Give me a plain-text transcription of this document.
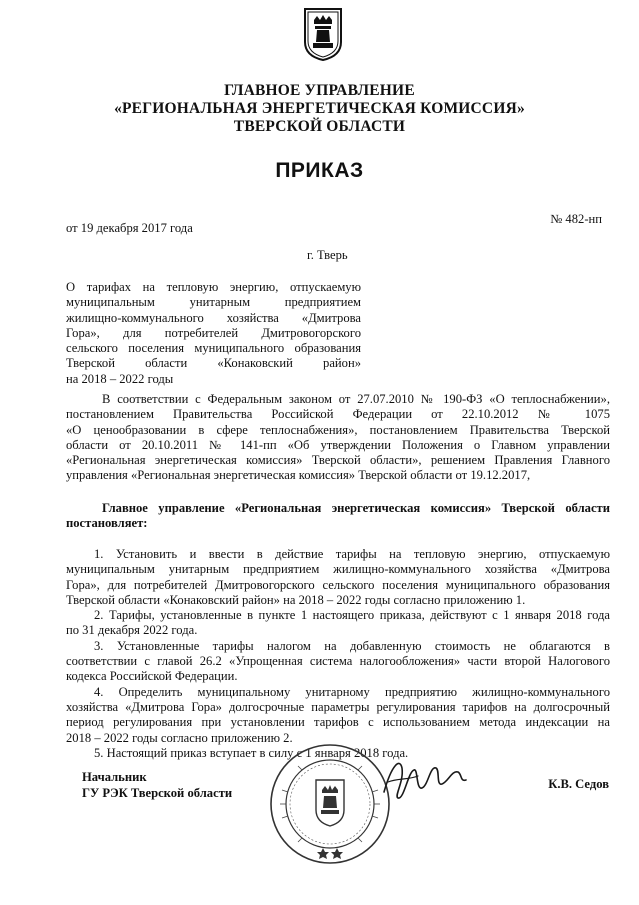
ГЛАВНОЕ УПРАВЛЕНИЕ
«РЕГИОНАЛЬНАЯ ЭНЕРГЕТИЧЕСКАЯ КОМИССИЯ»
ТВЕРСКОЙ ОБЛАСТИ
ПРИКАЗ
от 19 декабря 2017 года
№ 482-нп
г. Тверь
О тарифах на тепловую энергию, отпускаемую
муниципальным унитарным предприятием
жилищно-коммунального хозяйства «Дмитрова
Гора», для потребителей Дмитровогорского
сельского поселения муниципального образования
Тверской области «Конаковский район»
на 2018 – 2022 годы
В соответствии с Федеральным законом от 27.07.2010 № 190-ФЗ «О теплоснабжении»,
постановлением Правительства Российской Федерации от 22.10.2012 № 1075
«О ценообразовании в сфере теплоснабжения», постановлением Правительства Тверской
области от 20.10.2011 № 141-пп «Об утверждении Положения о Главном управлении
«Региональная энергетическая комиссия» Тверской области», решением Правления Главного
управления «Региональная энергетическая комиссия» Тверской области от 19.12.2017,
Главное управление «Региональная энергетическая комиссия» Тверской области
постановляет:
1. Установить и ввести в действие тарифы на тепловую энергию, отпускаемую
муниципальным унитарным предприятием жилищно-коммунального хозяйства «Дмитрова
Гора», для потребителей Дмитровогорского сельского поселения муниципального образования
Тверской области «Конаковский район» на 2018 – 2022 годы согласно приложению 1.
2. Тарифы, установленные в пункте 1 настоящего приказа, действуют с 1 января 2018 года
по 31 декабря 2022 года.
3. Установленные тарифы налогом на добавленную стоимость не облагаются в
соответствии с главой 26.2 «Упрощенная система налогообложения» части второй Налогового
кодекса Российской Федерации.
4. Определить муниципальному унитарному предприятию жилищно-коммунального
хозяйства «Дмитрова Гора» долгосрочные параметры регулирования тарифов на долгосрочный
период регулирования при установлении тарифов с использованием метода индексации на
2018 – 2022 годы согласно приложению 2.
5. Настоящий приказ вступает в силу с 1 января 2018 года.
Начальник
ГУ РЭК Тверской области
К.В. Седов
